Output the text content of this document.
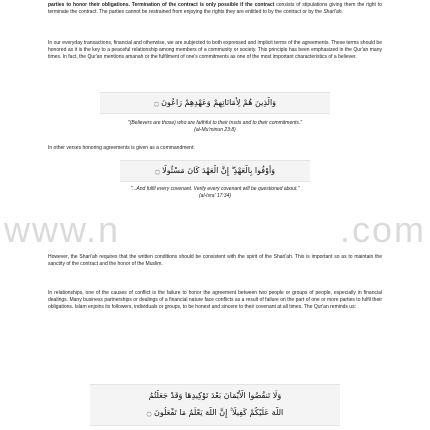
parties to honor their obligations. Termination of the contract is only possible if the contract consists of stipulations giving them the right to terminate the contract. The parties cannot be restrained from enjoying the rights they are entitled to by the contract or by the Shari'ah.

In our everyday transactions, financial and otherwise, we are subjected to both expressed and implicit terms of the agreements. These terms should be honored as it is the key to a peaceful relationship among members of a community or society. This principle has been emphasized in the Qur'an many times. In fact, the Qur'an mentions amanah or the fulfilment of one's commitments as one of the most important characteristics of a believer.

وَالَّذِينَ هُمْ لِأَمَانَاتِهِمْ وَعَهْدِهِمْ رَاعُونَ ۝

"(Believers are those) who are faithful to their trusts and to their commitments."

(al-Mu'minun 23:8)

In other verses honoring agreements is given as a commandment:

وَأَوْفُوا بِالْعَهْدِ ۖ إِنَّ الْعَهْدَ كَانَ مَسْئُولًا ۝
www.n	.com

"...And fulfil every covenant. Verily every covenant will be questioned about."

(al-Isra' 17:34)

However, the Shari'ah requires that the written conditions should be consistent with the spirit of the Shari'ah. This is important so as to maintain the sanctity of the contract and the honor of the Muslim.

In relationships, one of the causes of conflict is the failure to honor the agreement between two people or groups of people, especially in financial dealings. Many business partnerships or dealings of a financial nature face conflicts as a result of failure on the part of one or more parties to fulfil their obligations. Islam enjoins its followers, individuals or groups, to be honest and sincere to their covenant at all times. The Qur'an reminds us:

وَلَا تَنقُضُوا الْأَيْمَانَ بَعْدَ تَوْكِيدِهَا وَقَدْ جَعَلْتُمُ
اللَّهَ عَلَيْكُمْ كَفِيلًا ۚ إِنَّ اللَّهَ يَعْلَمُ مَا تَفْعَلُونَ ۝
